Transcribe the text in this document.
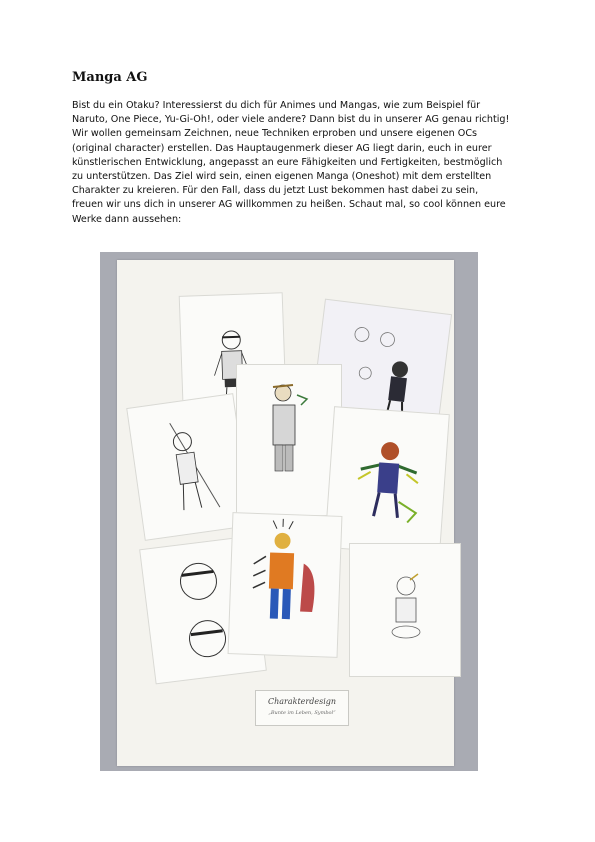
Manga AG
Bist du ein Otaku? Interessierst du dich für Animes und Mangas, wie zum Beispiel für
Naruto, One Piece, Yu-Gi-Oh!, oder viele andere? Dann bist du in unserer AG genau richtig!
Wir wollen gemeinsam Zeichnen, neue Techniken erproben und unsere eigenen OCs
(original character) erstellen. Das Hauptaugenmerk dieser AG liegt darin, euch in eurer
künstlerischen Entwicklung, angepasst an eure Fähigkeiten und Fertigkeiten, bestmöglich
zu unterstützen. Das Ziel wird sein, einen eigenen Manga (Oneshot) mit dem erstellten
Charakter zu kreieren. Für den Fall, dass du jetzt Lust bekommen hast dabei zu sein,
freuen wir uns dich in unserer AG willkommen zu heißen. Schaut mal, so cool können eure
Werke dann aussehen:
Charakterdesign
„Bunte im Leben, Symbol“
